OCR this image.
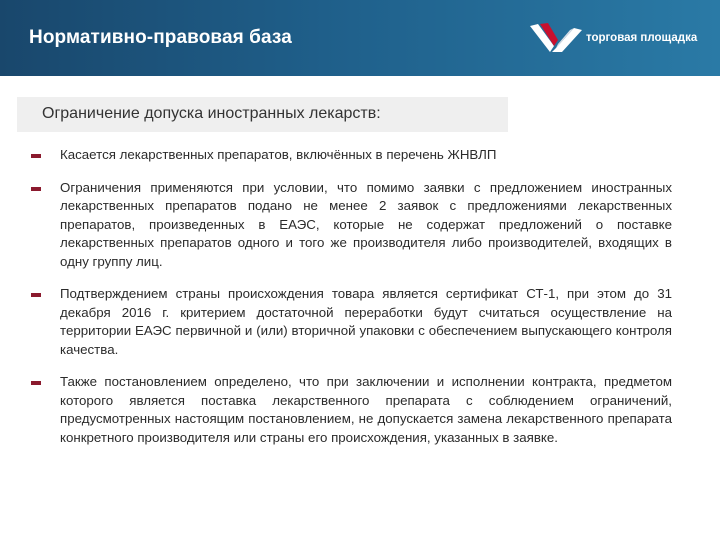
Нормативно-правовая база	торговая площадка
Ограничение допуска иностранных лекарств:
Касается лекарственных препаратов, включённых в перечень ЖНВЛП
Ограничения применяются при условии, что помимо заявки с предложением иностранных лекарственных препаратов подано не менее 2 заявок с предложениями лекарственных препаратов, произведенных в ЕАЭС, которые не содержат предложений о поставке лекарственных препаратов одного и того же производителя либо производителей, входящих в одну группу лиц.
Подтверждением страны происхождения товара является сертификат СТ-1, при этом до 31 декабря 2016 г. критерием достаточной переработки будут считаться осуществление на территории ЕАЭС первичной и (или) вторичной упаковки с обеспечением выпускающего контроля качества.
Также постановлением определено, что при заключении и исполнении контракта, предметом которого является поставка лекарственного препарата с соблюдением ограничений, предусмотренных настоящим постановлением, не допускается замена лекарственного препарата конкретного производителя или страны его происхождения, указанных в заявке.
